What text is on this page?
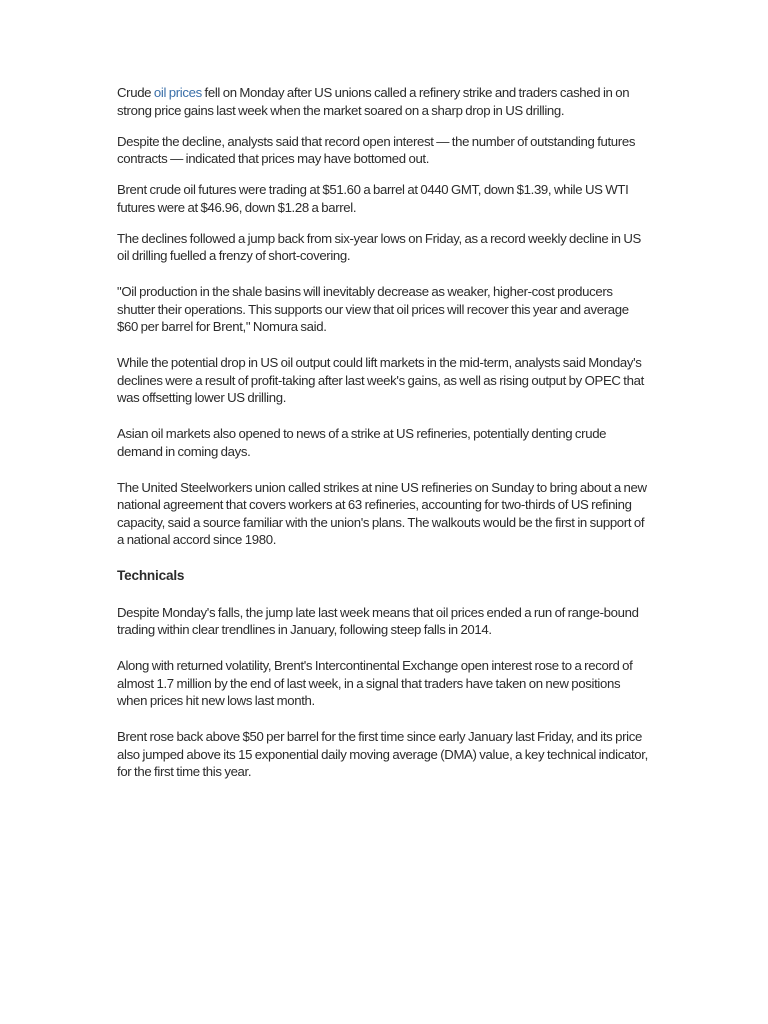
Crude oil prices fell on Monday after US unions called a refinery strike and traders cashed in on strong price gains last week when the market soared on a sharp drop in US drilling.

Despite the decline, analysts said that record open interest — the number of outstanding futures contracts — indicated that prices may have bottomed out.

Brent crude oil futures were trading at $51.60 a barrel at 0440 GMT, down $1.39, while US WTI futures were at $46.96, down $1.28 a barrel.

The declines followed a jump back from six-year lows on Friday, as a record weekly decline in US oil drilling fuelled a frenzy of short-covering.

"Oil production in the shale basins will inevitably decrease as weaker, higher-cost producers shutter their operations. This supports our view that oil prices will recover this year and average $60 per barrel for Brent," Nomura said.

While the potential drop in US oil output could lift markets in the mid-term, analysts said Monday's declines were a result of profit-taking after last week's gains, as well as rising output by OPEC that was offsetting lower US drilling.

Asian oil markets also opened to news of a strike at US refineries, potentially denting crude demand in coming days.

The United Steelworkers union called strikes at nine US refineries on Sunday to bring about a new national agreement that covers workers at 63 refineries, accounting for two-thirds of US refining capacity, said a source familiar with the union's plans. The walkouts would be the first in support of a national accord since 1980.

Technicals

Despite Monday's falls, the jump late last week means that oil prices ended a run of range-bound trading within clear trendlines in January, following steep falls in 2014.

Along with returned volatility, Brent's Intercontinental Exchange open interest rose to a record of almost 1.7 million by the end of last week, in a signal that traders have taken on new positions when prices hit new lows last month.

Brent rose back above $50 per barrel for the first time since early January last Friday, and its price also jumped above its 15 exponential daily moving average (DMA) value, a key technical indicator, for the first time this year.
